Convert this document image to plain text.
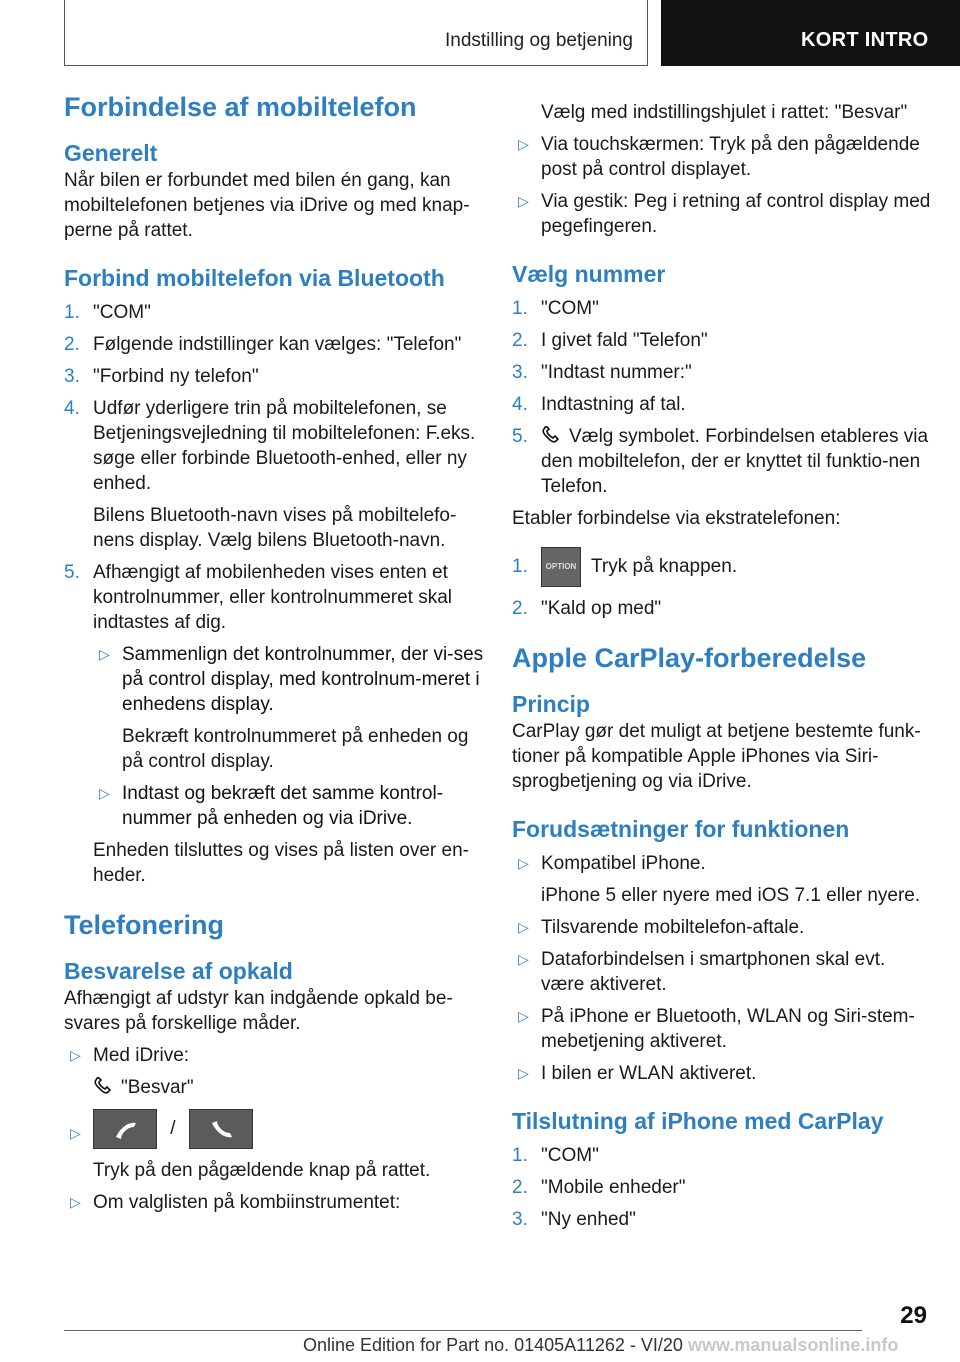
Indstilling og betjening	KORT INTRO
Forbindelse af mobiltelefon
Generelt

Når bilen er forbundet med bilen én gang, kan mobiltelefonen betjenes via iDrive og med knap-perne på rattet.

Forbind mobiltelefon via Bluetooth
1. "COM"
2. Følgende indstillinger kan vælges: "Telefon"
3. "Forbind ny telefon"
4. Udfør yderligere trin på mobiltelefonen, se Betjeningsvejledning til mobiltelefonen: F.eks. søge eller forbinde Bluetooth-enhed, eller ny enhed.

Bilens Bluetooth-navn vises på mobiltelefo-nens display. Vælg bilens Bluetooth-navn.

5. Afhængigt af mobilenheden vises enten et kontrolnummer, eller kontrolnummeret skal indtastes af dig.
▷ Sammenlign det kontrolnummer, der vi-ses på control display, med kontrolnum-meret i enhedens display.

Bekræft kontrolnummeret på enheden og på control display.

▷ Indtast og bekræft det samme kontrol-nummer på enheden og via iDrive.

Enheden tilsluttes og vises på listen over en-heder.

Telefonering
Besvarelse af opkald

Afhængigt af udstyr kan indgående opkald be-svares på forskellige måder.

▷ Med iDrive:

"Besvar"

▷	/

Tryk på den pågældende knap på rattet.

▷ Om valglisten på kombiinstrumentet:

Vælg med indstillingshjulet i rattet: "Besvar"

▷ Via touchskærmen: Tryk på den pågældende post på control displayet.
▷ Via gestik: Peg i retning af control display med pegefingeren.
Vælg nummer
1. "COM"
2. I givet fald "Telefon"
3. "Indtast nummer:"
4. Indtastning af tal.
5. Vælg symbolet. Forbindelsen etableres via den mobiltelefon, der er knyttet til funktio-nen Telefon.

Etabler forbindelse via ekstratelefonen:

1. OPTION Tryk på knappen.
2. "Kald op med"
Apple CarPlay-forberedelse
Princip

CarPlay gør det muligt at betjene bestemte funk-tioner på kompatible Apple iPhones via Siri-sprogbetjening og via iDrive.

Forudsætninger for funktionen
▷ Kompatibel iPhone.

iPhone 5 eller nyere med iOS 7.1 eller nyere.

▷ Tilsvarende mobiltelefon-aftale.
▷ Dataforbindelsen i smartphonen skal evt. være aktiveret.
▷ På iPhone er Bluetooth, WLAN og Siri-stem-mebetjening aktiveret.
▷ I bilen er WLAN aktiveret.
Tilslutning af iPhone med CarPlay
1. "COM"
2. "Mobile enheder"
3. "Ny enhed"
29
Online Edition for Part no. 01405A11262 - VI/20 www.manualsonline.info
